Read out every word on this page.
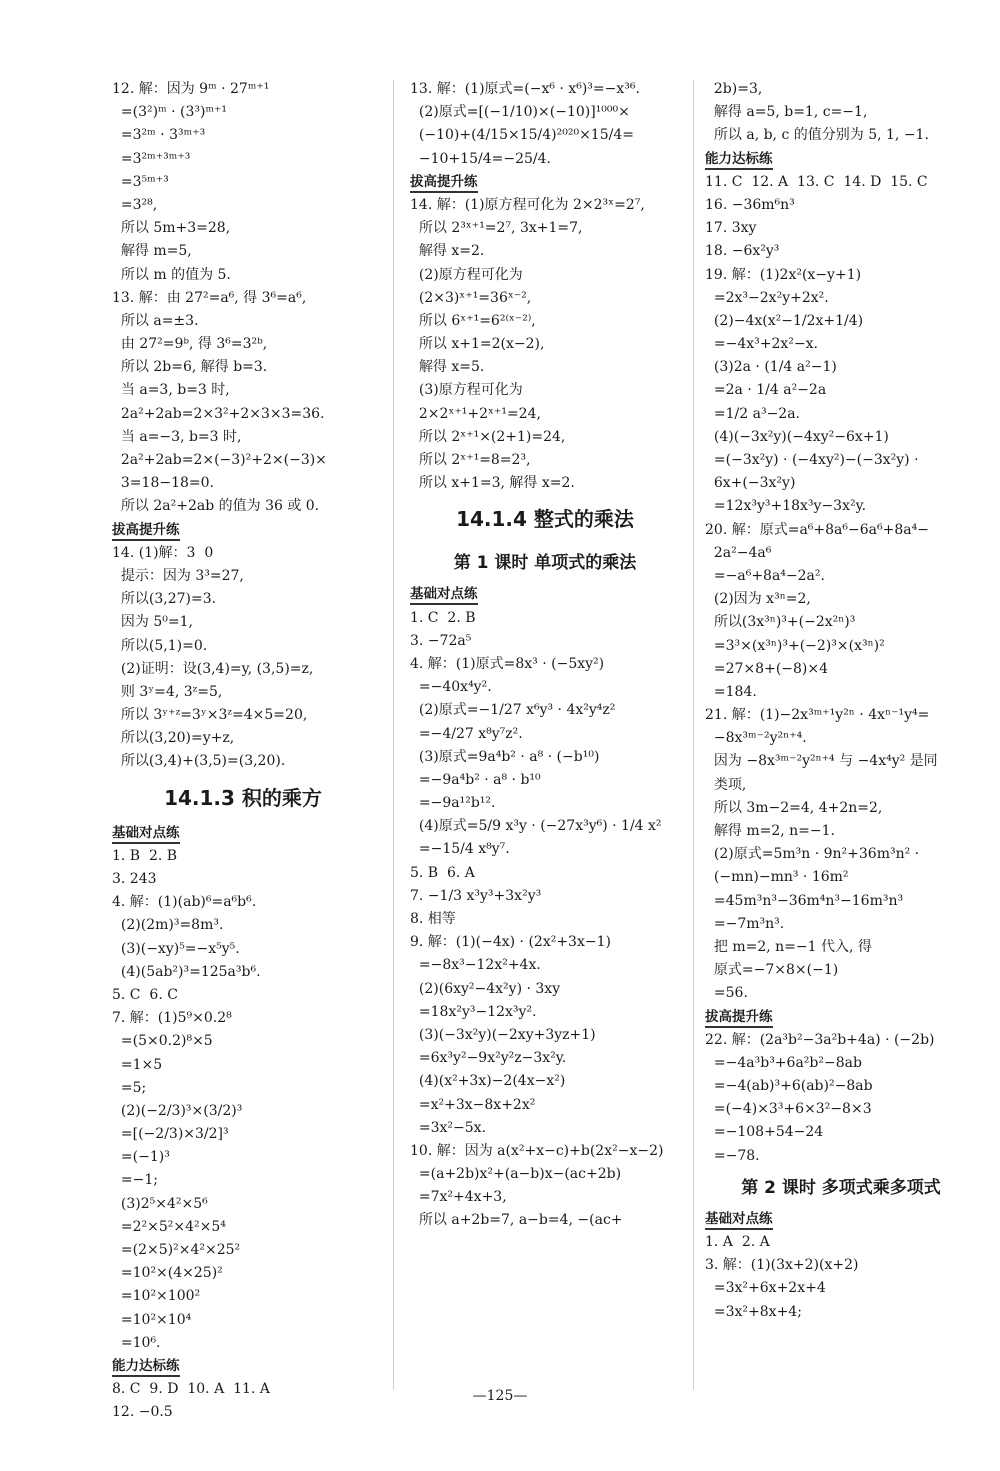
12. 解：因为 9ᵐ · 27ᵐ⁺¹
=(3²)ᵐ · (3³)ᵐ⁺¹
=3²ᵐ · 3³ᵐ⁺³
=3²ᵐ⁺³ᵐ⁺³
=3⁵ᵐ⁺³
=3²⁸,
所以 5m+3=28,
解得 m=5,
所以 m 的值为 5.
13. 解：由 27²=a⁶, 得 3⁶=a⁶,
所以 a=±3.
由 27²=9ᵇ, 得 3⁶=3²ᵇ,
所以 2b=6, 解得 b=3.
当 a=3, b=3 时,
2a²+2ab=2×3²+2×3×3=36.
当 a=−3, b=3 时,
2a²+2ab=2×(−3)²+2×(−3)×
3=18−18=0.
所以 2a²+2ab 的值为 36 或 0.
拔高提升练
14. (1)解：3  0
提示：因为 3³=27,
所以(3,27)=3.
因为 5⁰=1,
所以(5,1)=0.
(2)证明：设(3,4)=y, (3,5)=z,
则 3ʸ=4, 3ᶻ=5,
所以 3ʸ⁺ᶻ=3ʸ×3ᶻ=4×5=20,
所以(3,20)=y+z,
所以(3,4)+(3,5)=(3,20).
14.1.3 积的乘方
基础对点练
1. B  2. B
3. 243
4. 解：(1)(ab)⁶=a⁶b⁶.
(2)(2m)³=8m³.
(3)(−xy)⁵=−x⁵y⁵.
(4)(5ab²)³=125a³b⁶.
5. C  6. C
7. 解：(1)5⁹×0.2⁸
=(5×0.2)⁸×5
=1×5
=5;
(2)(−2/3)³×(3/2)³
=[(−2/3)×3/2]³
=(−1)³
=−1;
(3)2⁵×4²×5⁶
=2²×5²×4²×5⁴
=(2×5)²×4²×25²
=10²×(4×25)²
=10²×100²
=10²×10⁴
=10⁶.
能力达标练
8. C  9. D  10. A  11. A
12. −0.5
13. 解：(1)原式=(−x⁶ · x⁶)³=−x³⁶.
(2)原式=[(−1/10)×(−10)]¹⁰⁰⁰×
(−10)+(4/15×15/4)²⁰²⁰×15/4=
−10+15/4=−25/4.
拔高提升练
14. 解：(1)原方程可化为 2×2³ˣ=2⁷,
所以 2³ˣ⁺¹=2⁷, 3x+1=7,
解得 x=2.
(2)原方程可化为
(2×3)ˣ⁺¹=36ˣ⁻²,
所以 6ˣ⁺¹=6²⁽ˣ⁻²⁾,
所以 x+1=2(x−2),
解得 x=5.
(3)原方程可化为
2×2ˣ⁺¹+2ˣ⁺¹=24,
所以 2ˣ⁺¹×(2+1)=24,
所以 2ˣ⁺¹=8=2³,
所以 x+1=3, 解得 x=2.
14.1.4 整式的乘法
第 1 课时 单项式的乘法
基础对点练
1. C  2. B
3. −72a⁵
4. 解：(1)原式=8x³ · (−5xy²)
=−40x⁴y².
(2)原式=−1/27 x⁶y³ · 4x²y⁴z²
=−4/27 x⁸y⁷z².
(3)原式=9a⁴b² · a⁸ · (−b¹⁰)
=−9a⁴b² · a⁸ · b¹⁰
=−9a¹²b¹².
(4)原式=5/9 x³y · (−27x³y⁶) · 1/4 x²
=−15/4 x⁸y⁷.
5. B  6. A
7. −1/3 x³y³+3x²y³
8. 相等
9. 解：(1)(−4x) · (2x²+3x−1)
=−8x³−12x²+4x.
(2)(6xy²−4x²y) · 3xy
=18x²y³−12x³y².
(3)(−3x²y)(−2xy+3yz+1)
=6x³y²−9x²y²z−3x²y.
(4)(x²+3x)−2(4x−x²)
=x²+3x−8x+2x²
=3x²−5x.
10. 解：因为 a(x²+x−c)+b(2x²−x−2)
=(a+2b)x²+(a−b)x−(ac+2b)
=7x²+4x+3,
所以 a+2b=7, a−b=4, −(ac+
2b)=3,
解得 a=5, b=1, c=−1,
所以 a, b, c 的值分别为 5, 1, −1.
能力达标练
11. C  12. A  13. C  14. D  15. C
16. −36m⁶n³
17. 3xy
18. −6x²y³
19. 解：(1)2x²(x−y+1)
=2x³−2x²y+2x².
(2)−4x(x²−1/2x+1/4)
=−4x³+2x²−x.
(3)2a · (1/4 a²−1)
=2a · 1/4 a²−2a
=1/2 a³−2a.
(4)(−3x²y)(−4xy²−6x+1)
=(−3x²y) · (−4xy²)−(−3x²y) ·
6x+(−3x²y)
=12x³y³+18x³y−3x²y.
20. 解：原式=a⁶+8a⁶−6a⁶+8a⁴−
2a²−4a⁶
=−a⁶+8a⁴−2a².
(2)因为 x³ⁿ=2,
所以(3x³ⁿ)³+(−2x²ⁿ)³
=3³×(x³ⁿ)³+(−2)³×(x³ⁿ)²
=27×8+(−8)×4
=184.
21. 解：(1)−2x³ᵐ⁺¹y²ⁿ · 4xⁿ⁻¹y⁴=
−8x³ᵐ⁻²y²ⁿ⁺⁴.
因为 −8x³ᵐ⁻²y²ⁿ⁺⁴ 与 −4x⁴y² 是同
类项,
所以 3m−2=4, 4+2n=2,
解得 m=2, n=−1.
(2)原式=5m³n · 9n²+36m³n² ·
(−mn)−mn³ · 16m²
=45m³n³−36m⁴n³−16m³n³
=−7m³n³.
把 m=2, n=−1 代入, 得
原式=−7×8×(−1)
=56.
拔高提升练
22. 解：(2a³b²−3a²b+4a) · (−2b)
=−4a³b³+6a²b²−8ab
=−4(ab)³+6(ab)²−8ab
=(−4)×3³+6×3²−8×3
=−108+54−24
=−78.
第 2 课时 多项式乘多项式
基础对点练
1. A  2. A
3. 解：(1)(3x+2)(x+2)
=3x²+6x+2x+4
=3x²+8x+4;
—125—
